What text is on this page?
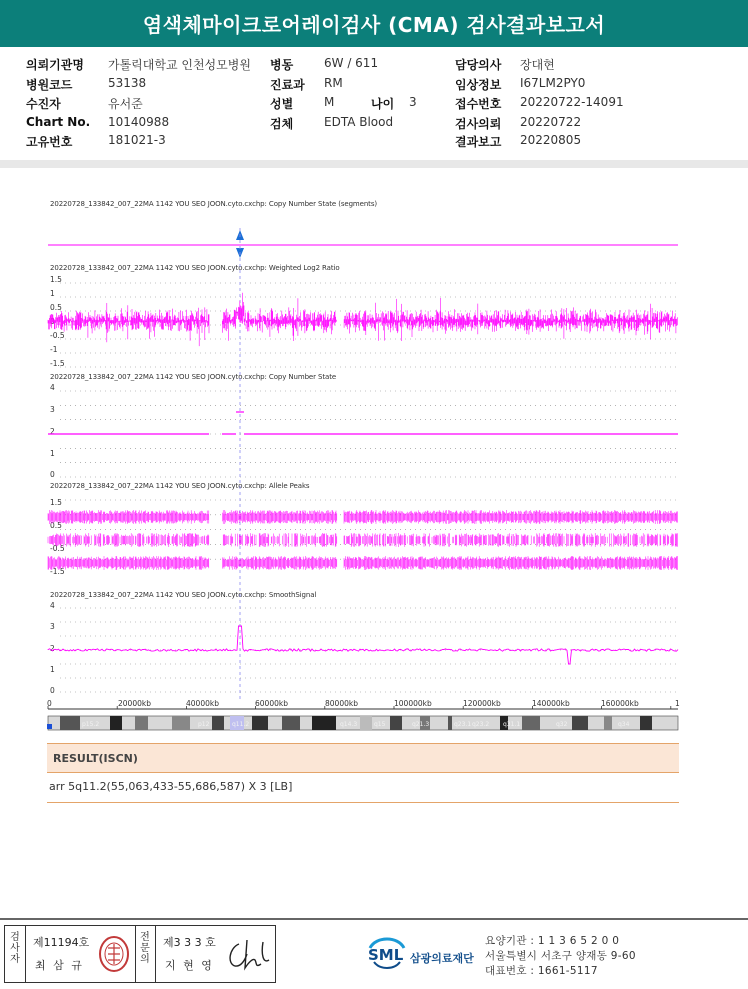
염색체마이크로어레이검사 (CMA) 검사결과보고서
의뢰기관명 가톨릭대학교 인천성모병원
병원코드	53138
수진자	유서준
Chart No. 10140988
고유번호	181021-3
병동	6W / 611
진료과 RM
성별	M	나이 3
검체	EDTA Blood
담당의사 장대현
임상정보 I67LM2PY0
접수번호 20220722-14091
검사의뢰 20220722
결과보고 20220805
20220728_133842_007_22MA 1142 YOU SEO JOON.cyto.cxchp: Copy Number State (segments)
20220728_133842_007_22MA 1142 YOU SEO JOON.cyto.cxchp: Weighted Log2 Ratio
20220728_133842_007_22MA 1142 YOU SEO JOON.cyto.cxchp: Copy Number State
20220728_133842_007_22MA 1142 YOU SEO JOON.cyto.cxchp: Allele Peaks
20220728_133842_007_22MA 1142 YOU SEO JOON.cyto.cxchp: SmoothSignal
1.5
1
0.5
0
-0.5
-1
-1.5
4
3
2
1
0
1.5
0.5
-0.5
-1.5
4
3
2
1
0
0	20000kb	40000kb	60000kb	80000kb	100000kb	120000kb	140000kb	160000kb	1
p15.2	p12	q11.2	q14.3	q15	q21.3	q23.1 q23.2 q31.1	q32	q34
RESULT(ISCN)
arr 5q11.2(55,063,433-55,686,587) X 3 [LB]
검사자
제11194호
최 삼 규
전문의
제3 3 3 호
지 현 영
SML 삼광의료재단
요양기관 : 1 1 3 6 5 2 0 0
서울특별시 서초구 양재동 9-60
대표번호 : 1661-5117
